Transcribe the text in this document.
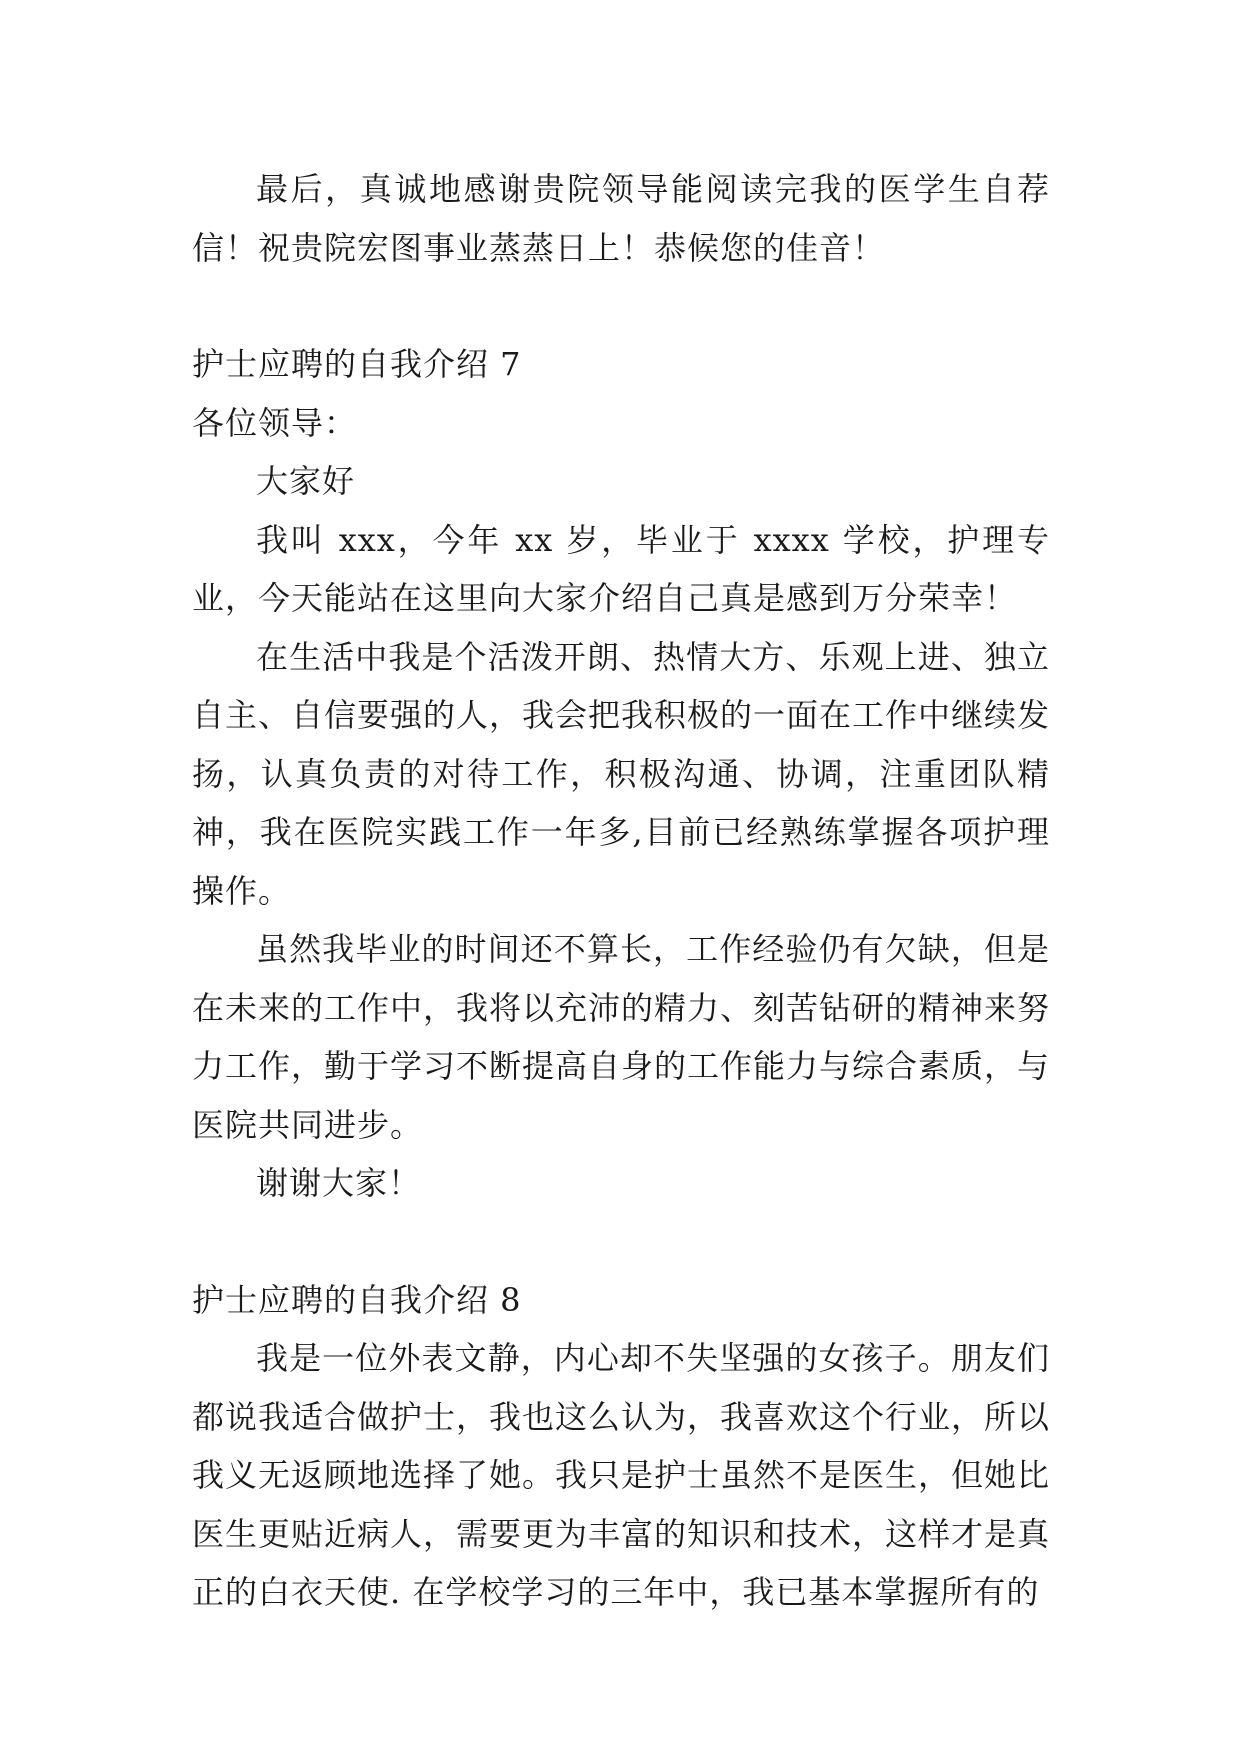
最后，真诚地感谢贵院领导能阅读完我的医学生自荐信！祝贵院宏图事业蒸蒸日上！恭候您的佳音！

护士应聘的自我介绍 7

各位领导：

大家好

我叫 xxx，今年 xx 岁，毕业于 xxxx 学校，护理专业，今天能站在这里向大家介绍自己真是感到万分荣幸！

在生活中我是个活泼开朗、热情大方、乐观上进、独立自主、自信要强的人，我会把我积极的一面在工作中继续发扬，认真负责的对待工作，积极沟通、协调，注重团队精神，我在医院实践工作一年多,目前已经熟练掌握各项护理操作。

虽然我毕业的时间还不算长，工作经验仍有欠缺，但是在未来的工作中，我将以充沛的精力、刻苦钻研的精神来努力工作，勤于学习不断提高自身的工作能力与综合素质，与医院共同进步。

谢谢大家！

护士应聘的自我介绍 8

我是一位外表文静，内心却不失坚强的女孩子。朋友们都说我适合做护士，我也这么认为，我喜欢这个行业，所以我义无返顾地选择了她。我只是护士虽然不是医生，但她比医生更贴近病人，需要更为丰富的知识和技术，这样才是真正的白衣天使. 在学校学习的三年中，我已基本掌握所有的
